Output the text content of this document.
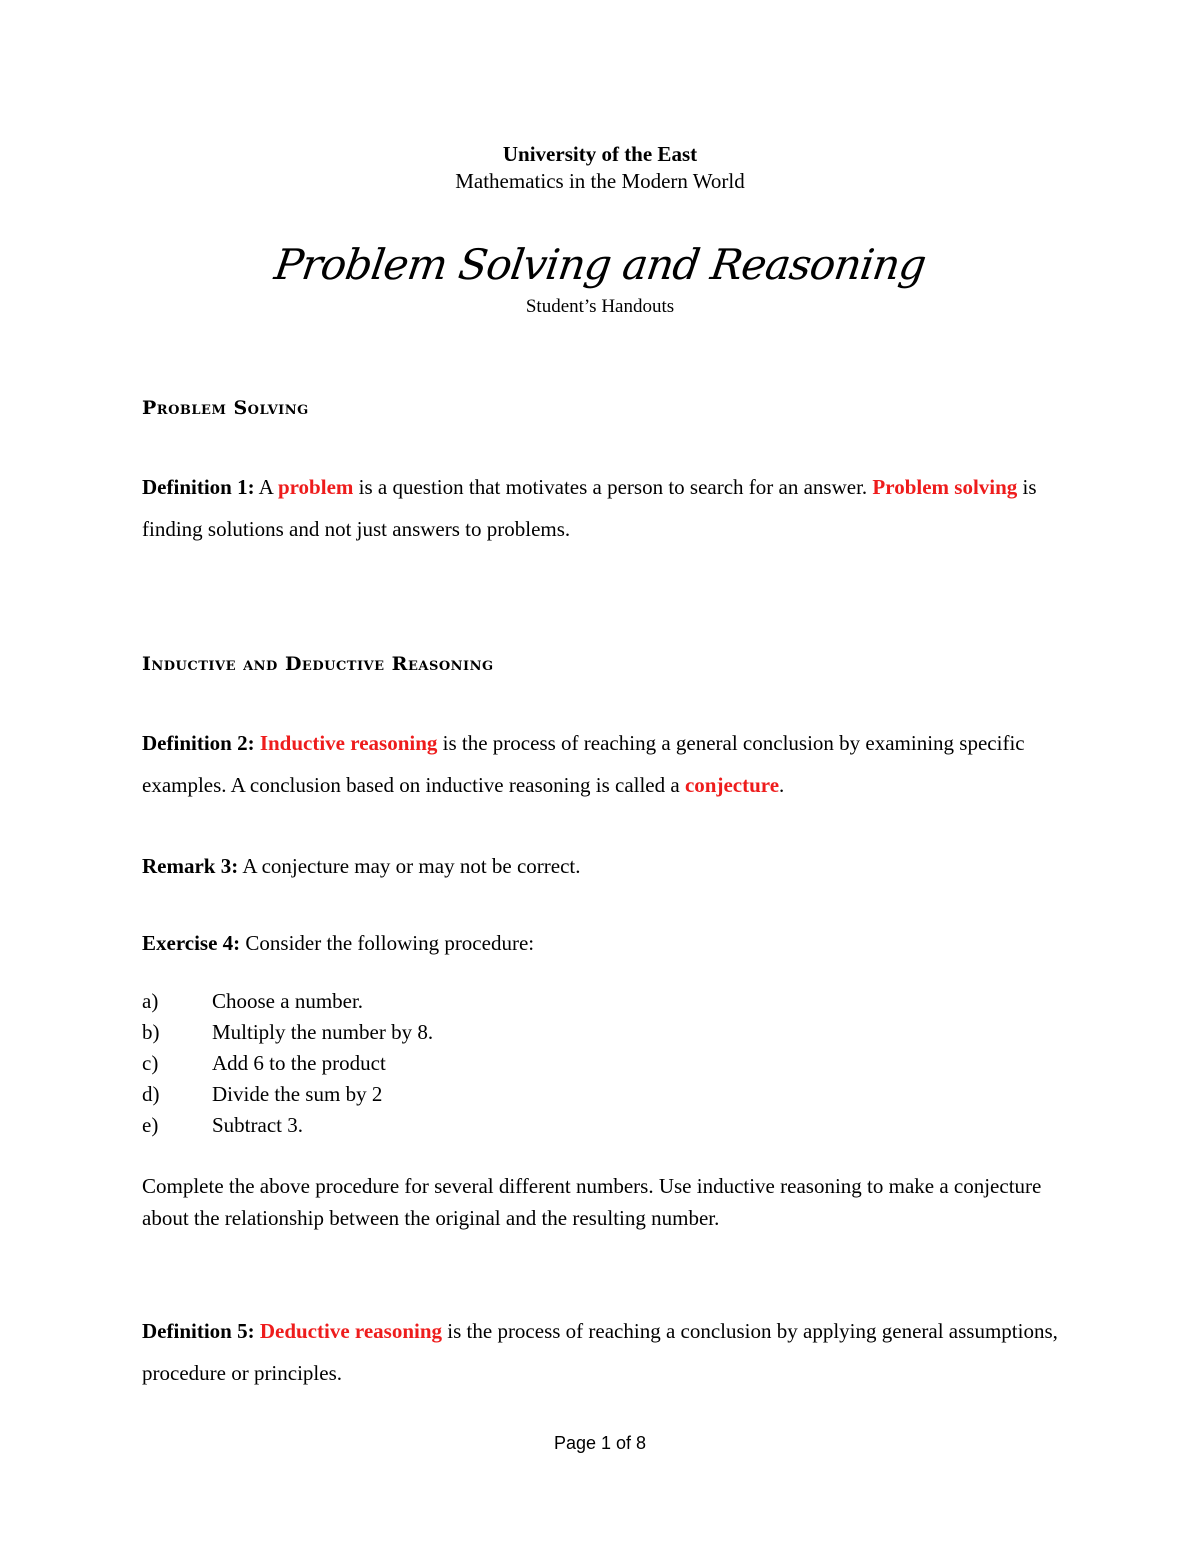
University of the East
Mathematics in the Modern World
Problem Solving and Reasoning
Student’s Handouts
Problem Solving
Definition 1: A problem is a question that motivates a person to search for an answer. Problem solving is finding solutions and not just answers to problems.
Inductive and Deductive Reasoning
Definition 2: Inductive reasoning is the process of reaching a general conclusion by examining specific examples. A conclusion based on inductive reasoning is called a conjecture.
Remark 3: A conjecture may or may not be correct.
Exercise 4: Consider the following procedure:
a)	Choose a number.
b)	Multiply the number by 8.
c)	Add 6 to the product
d)	Divide the sum by 2
e)	Subtract 3.
Complete the above procedure for several different numbers. Use inductive reasoning to make a conjecture about the relationship between the original and the resulting number.
Definition 5: Deductive reasoning is the process of reaching a conclusion by applying general assumptions, procedure or principles.
Page 1 of 8
